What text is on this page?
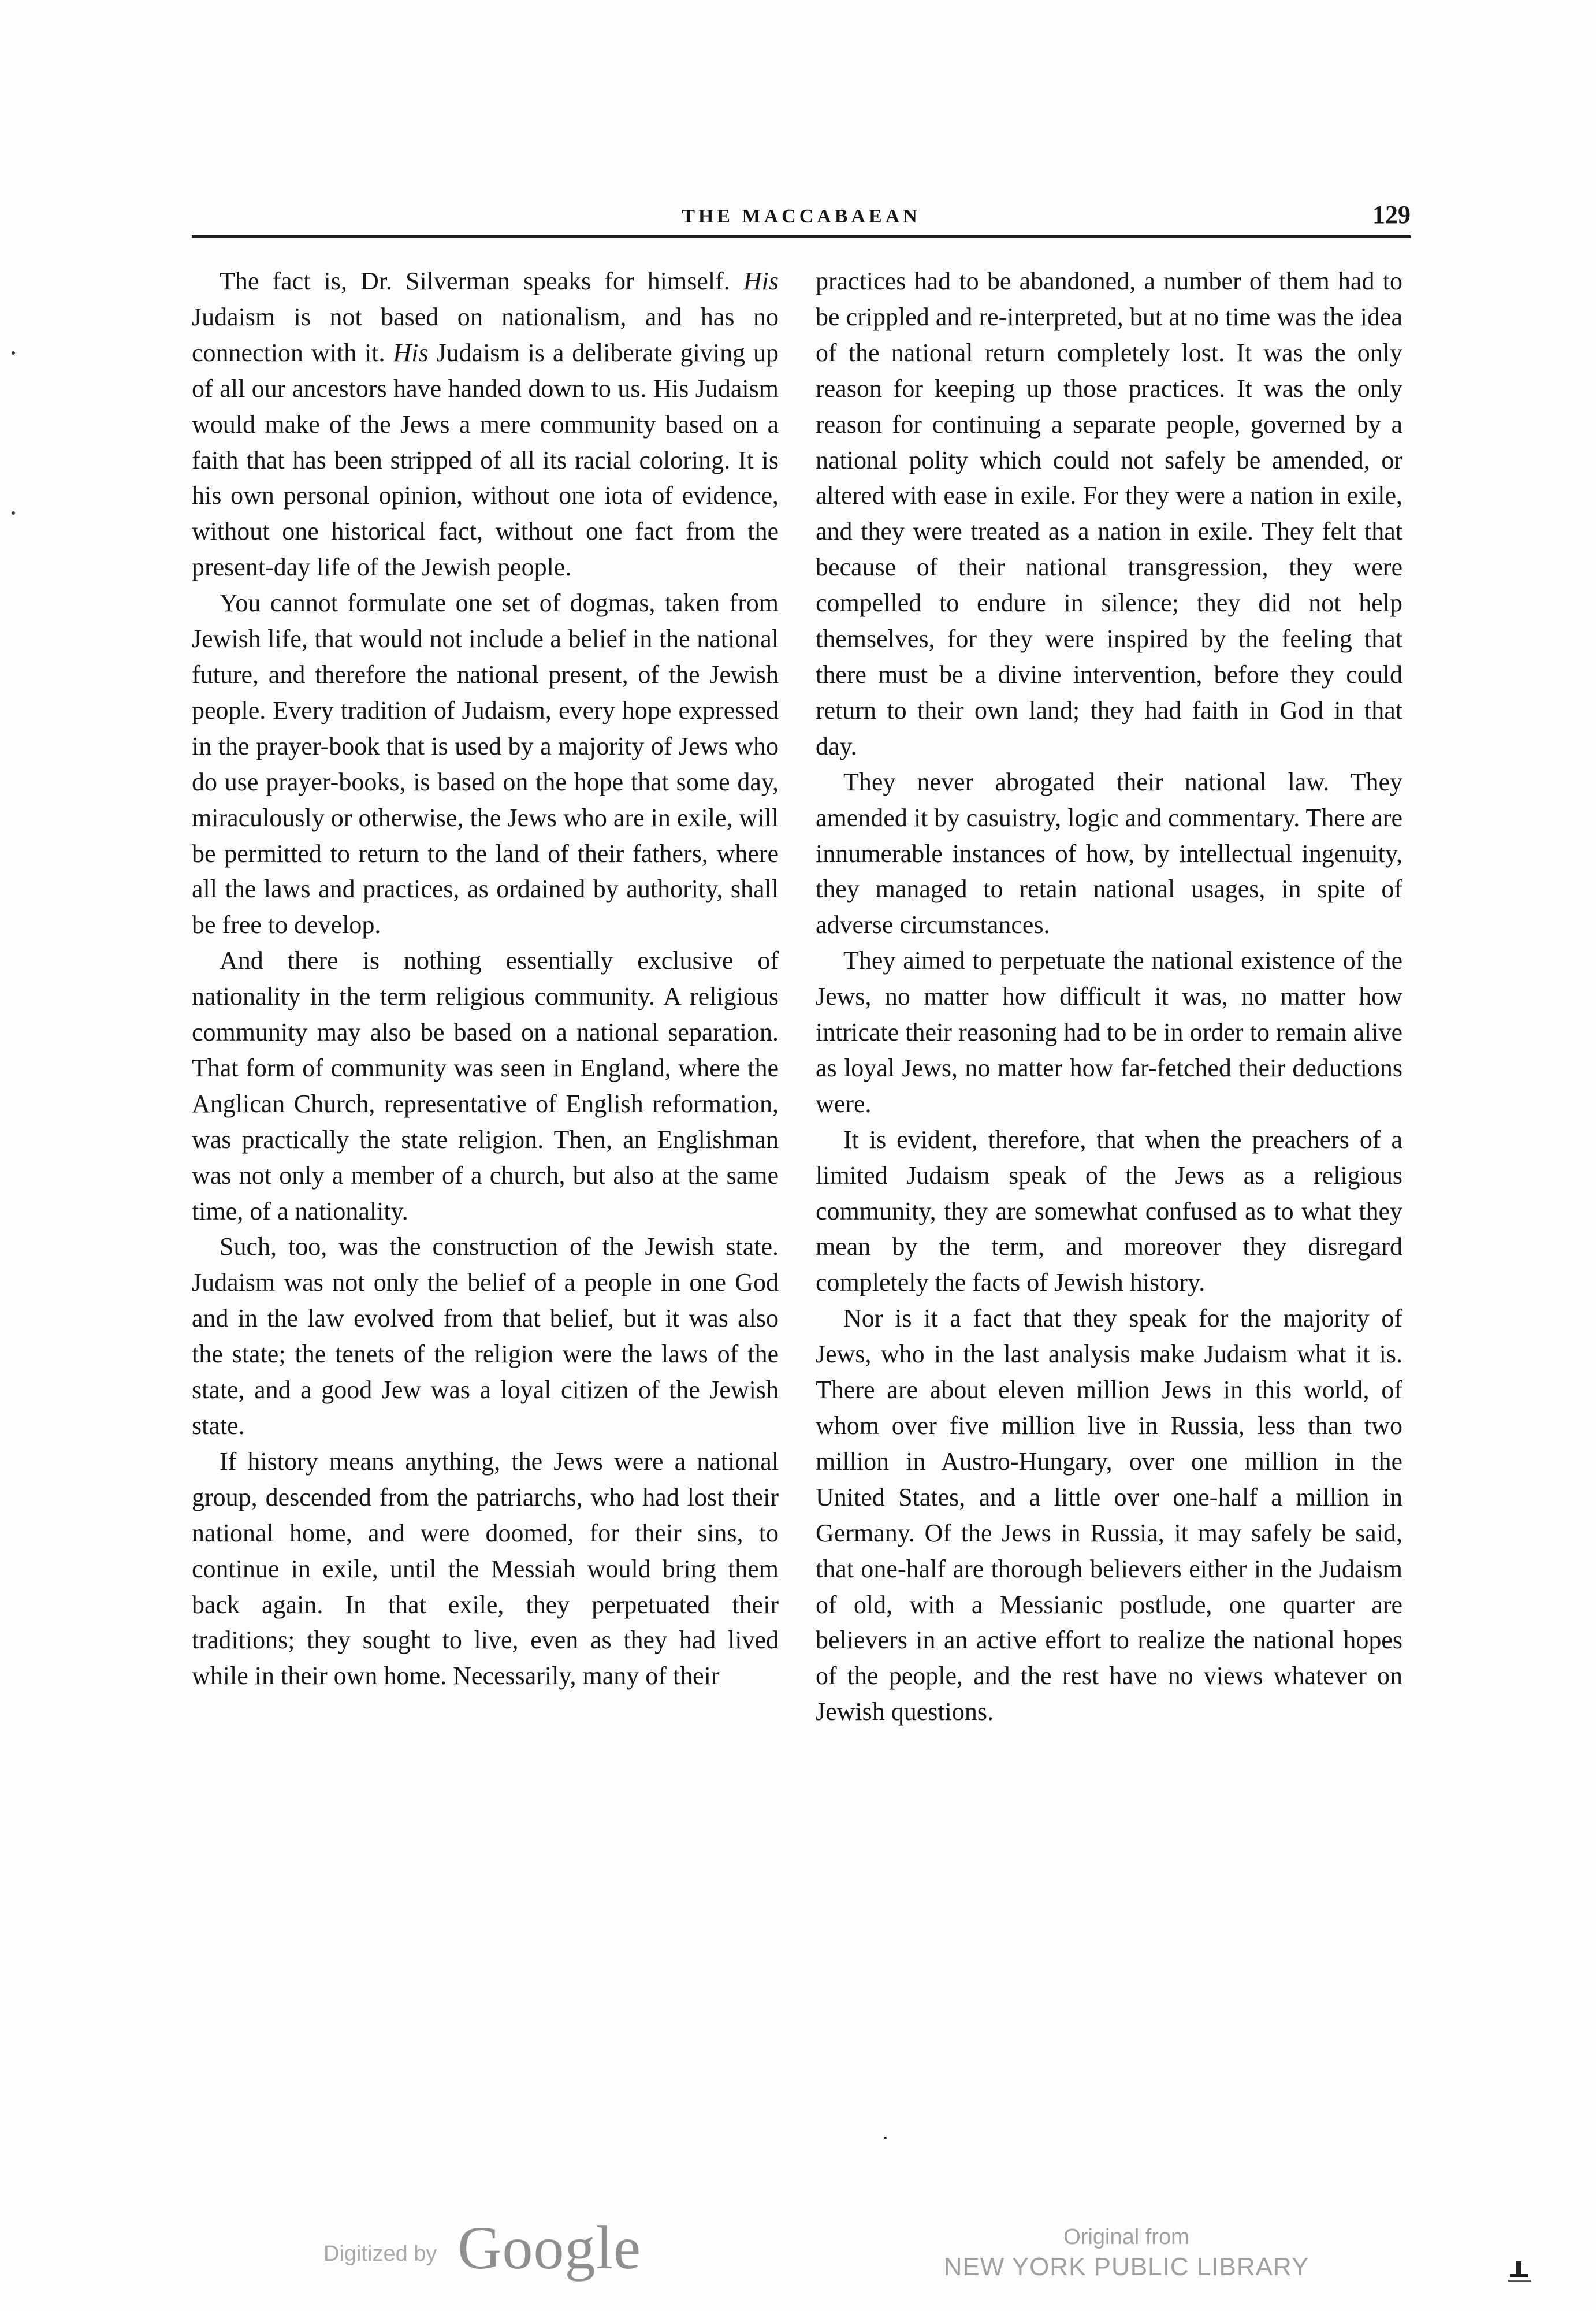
THE MACCABAEAN	129

The fact is, Dr. Silverman speaks for himself. His Judaism is not based on nationalism, and has no connection with it. His Judaism is a deliberate giving up of all our ancestors have handed down to us. His Judaism would make of the Jews a mere community based on a faith that has been stripped of all its racial coloring. It is his own personal opinion, without one iota of evidence, without one historical fact, without one fact from the present-day life of the Jewish people.

You cannot formulate one set of dogmas, taken from Jewish life, that would not include a belief in the national future, and therefore the national present, of the Jewish people. Every tradition of Judaism, every hope expressed in the prayer-book that is used by a majority of Jews who do use prayer-books, is based on the hope that some day, miraculously or otherwise, the Jews who are in exile, will be permitted to return to the land of their fathers, where all the laws and practices, as ordained by authority, shall be free to develop.

And there is nothing essentially exclusive of nationality in the term religious community. A religious community may also be based on a national separation. That form of community was seen in England, where the Anglican Church, representative of English reformation, was practically the state religion. Then, an Englishman was not only a member of a church, but also at the same time, of a nationality.

Such, too, was the construction of the Jewish state. Judaism was not only the belief of a people in one God and in the law evolved from that belief, but it was also the state; the tenets of the religion were the laws of the state, and a good Jew was a loyal citizen of the Jewish state.

If history means anything, the Jews were a national group, descended from the patriarchs, who had lost their national home, and were doomed, for their sins, to continue in exile, until the Messiah would bring them back again. In that exile, they perpetuated their traditions; they sought to live, even as they had lived while in their own home. Necessarily, many of their

practices had to be abandoned, a number of them had to be crippled and re-interpreted, but at no time was the idea of the national return completely lost. It was the only reason for keeping up those practices. It was the only reason for continuing a separate people, governed by a national polity which could not safely be amended, or altered with ease in exile. For they were a nation in exile, and they were treated as a nation in exile. They felt that because of their national transgression, they were compelled to endure in silence; they did not help themselves, for they were inspired by the feeling that there must be a divine intervention, before they could return to their own land; they had faith in God in that day.

They never abrogated their national law. They amended it by casuistry, logic and commentary. There are innumerable instances of how, by intellectual ingenuity, they managed to retain national usages, in spite of adverse circumstances.

They aimed to perpetuate the national existence of the Jews, no matter how difficult it was, no matter how intricate their reasoning had to be in order to remain alive as loyal Jews, no matter how far-fetched their deductions were.

It is evident, therefore, that when the preachers of a limited Judaism speak of the Jews as a religious community, they are somewhat confused as to what they mean by the term, and moreover they disregard completely the facts of Jewish history.

Nor is it a fact that they speak for the majority of Jews, who in the last analysis make Judaism what it is. There are about eleven million Jews in this world, of whom over five million live in Russia, less than two million in Austro-Hungary, over one million in the United States, and a little over one-half a million in Germany. Of the Jews in Russia, it may safely be said, that one-half are thorough believers either in the Judaism of old, with a Messianic postlude, one quarter are believers in an active effort to realize the national hopes of the people, and the rest have no views whatever on Jewish questions.

Digitized by Google	Original from
NEW YORK PUBLIC LIBRARY
